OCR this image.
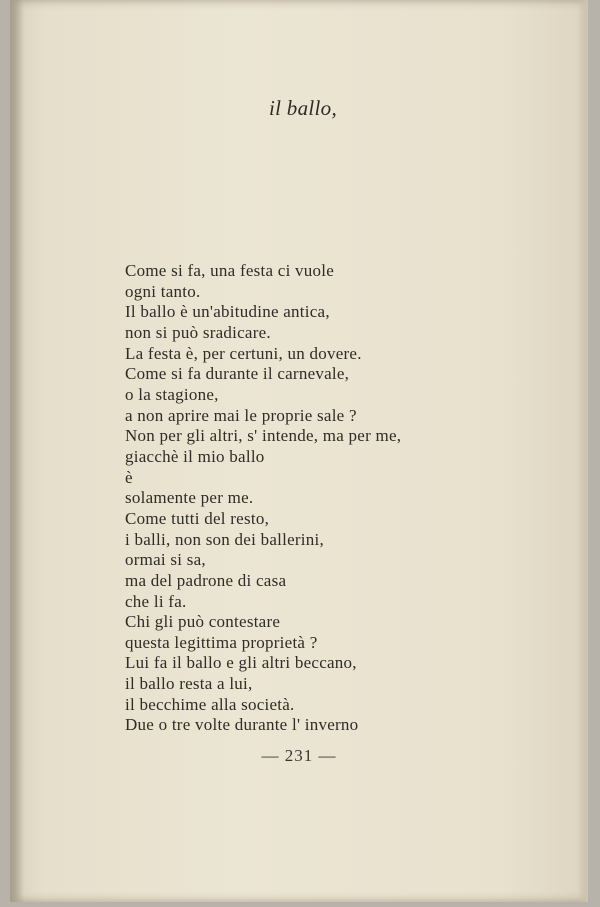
il ballo,
Come si fa, una festa ci vuole
ogni tanto.
Il ballo è un'abitudine antica,
non si può sradicare.
La festa è, per certuni, un dovere.
Come si fa durante il carnevale,
o la stagione,
a non aprire mai le proprie sale ?
Non per gli altri, s' intende, ma per me,
giacchè il mio ballo
è
solamente per me.
Come tutti del resto,
i balli, non son dei ballerini,
ormai si sa,
ma del padrone di casa
che li fa.
Chi gli può contestare
questa legittima proprietà ?
Lui fa il ballo e gli altri beccano,
il ballo resta a lui,
il becchime alla società.
Due o tre volte durante l' inverno
— 231 —
